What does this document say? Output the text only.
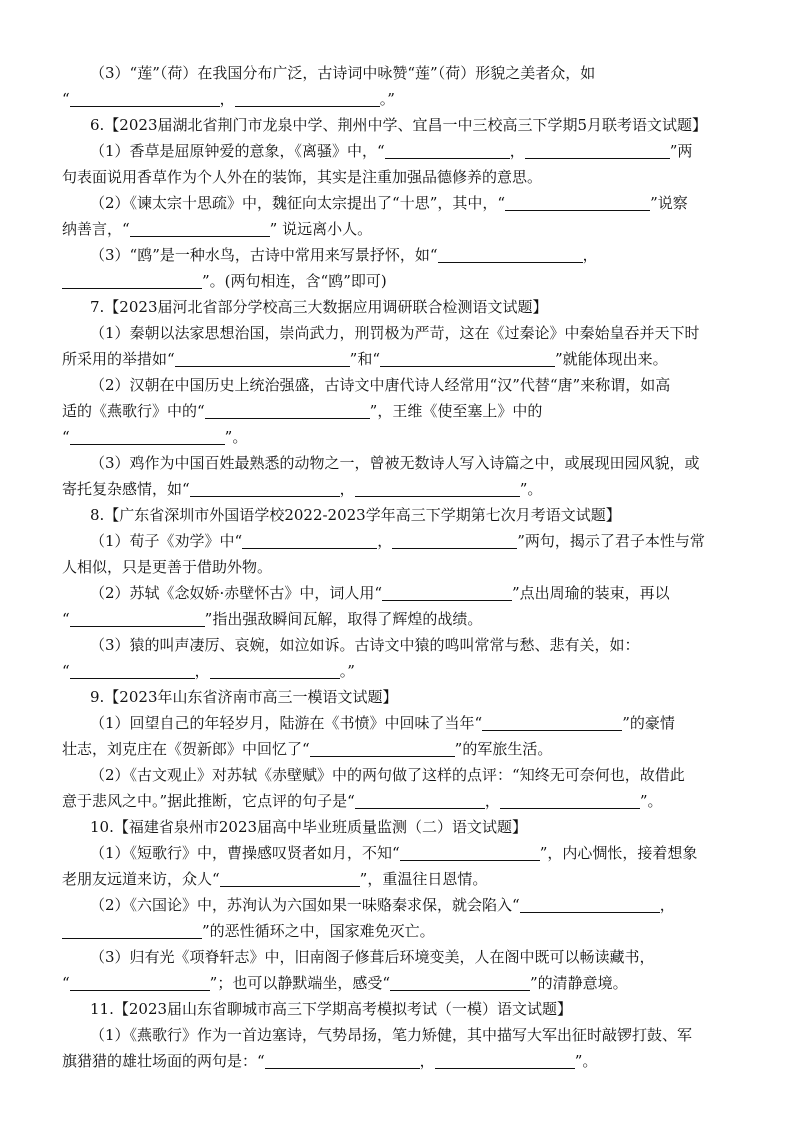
（3）“莲”（荷）在我国分布广泛，古诗词中咏赞“莲”（荷）形貌之美者众，如
“	，	。”
6.【2023届湖北省荆门市龙泉中学、荆州中学、宜昌一中三校高三下学期5月联考语文试题】
（1）香草是屈原钟爱的意象，《离骚》中，“	，	”两
句表面说用香草作为个人外在的装饰，其实是注重加强品德修养的意思。
（2）《谏太宗十思疏》中，魏征向太宗提出了“十思”，其中，“	”说察
纳善言，“	” 说远离小人。
（3）“鸥”是一种水鸟，古诗中常用来写景抒怀，如“	，
”。(两句相连，含“鸥”即可)
7.【2023届河北省部分学校高三大数据应用调研联合检测语文试题】
（1）秦朝以法家思想治国，崇尚武力，刑罚极为严苛，这在《过秦论》中秦始皇吞并天下时
所采用的举措如“	”和“	”就能体现出来。
（2）汉朝在中国历史上统治强盛，古诗文中唐代诗人经常用“汉”代替“唐”来称谓，如高
适的《燕歌行》中的“	”，王维《使至塞上》中的
“	”。
（3）鸡作为中国百姓最熟悉的动物之一，曾被无数诗人写入诗篇之中，或展现田园风貌，或
寄托复杂感情，如“	，	”。
8.【广东省深圳市外国语学校2022-2023学年高三下学期第七次月考语文试题】
（1）荀子《劝学》中“	，	”两句，揭示了君子本性与常
人相似，只是更善于借助外物。
（2）苏轼《念奴娇·赤壁怀古》中，词人用“	”点出周瑜的装束，再以
“	”指出强敌瞬间瓦解，取得了辉煌的战绩。
（3）猿的叫声凄厉、哀婉，如泣如诉。古诗文中猿的鸣叫常常与愁、悲有关，如：
“	，	。”
9.【2023年山东省济南市高三一模语文试题】
（1）回望自己的年轻岁月，陆游在《书愤》中回味了当年“	”的豪情
壮志，刘克庄在《贺新郎》中回忆了“	”的军旅生活。
（2）《古文观止》对苏轼《赤壁赋》中的两句做了这样的点评：“知终无可奈何也，故借此
意于悲风之中。”据此推断，它点评的句子是“	，	”。
10.【福建省泉州市2023届高中毕业班质量监测（二）语文试题】
（1）《短歌行》中，曹操感叹贤者如月，不知“	”，内心惆怅，接着想象
老朋友远道来访，众人“	”，重温往日恩情。
（2）《六国论》中，苏洵认为六国如果一味赂秦求保，就会陷入“	，
”的恶性循环之中，国家难免灭亡。
（3）归有光《项脊轩志》中，旧南阁子修葺后环境变美，人在阁中既可以畅读藏书，
“	”；也可以静默端坐，感受“	”的清静意境。
11.【2023届山东省聊城市高三下学期高考模拟考试（一模）语文试题】
（1）《燕歌行》作为一首边塞诗，气势昂扬，笔力矫健，其中描写大军出征时敲锣打鼓、军
旗猎猎的雄壮场面的两句是：“	，	”。
